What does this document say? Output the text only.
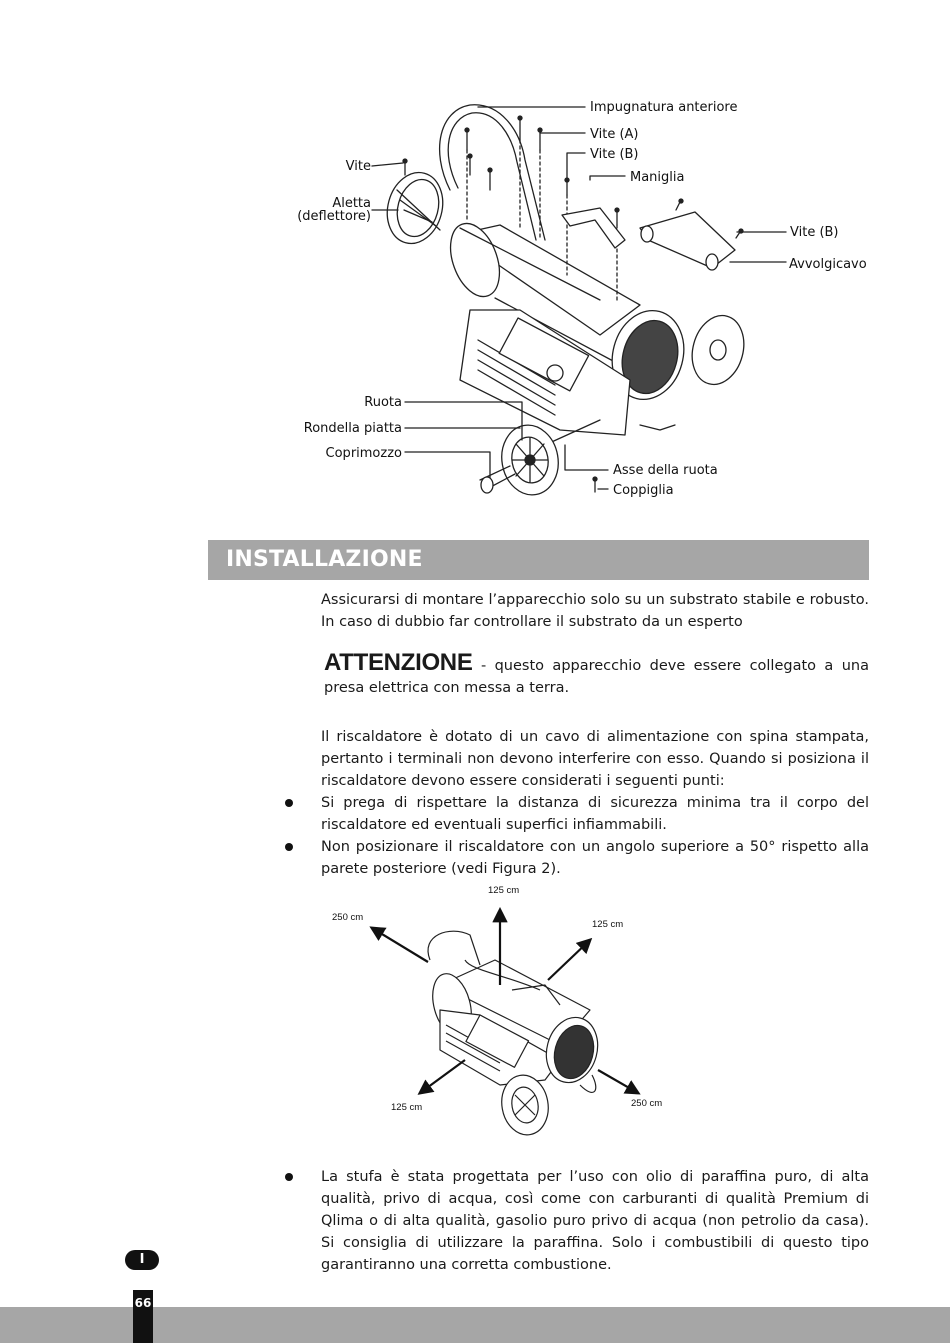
Impugnatura anteriore
Vite (A)
Vite (B)
Maniglia
Vite
Aletta
(deflettore)
Vite (B)
Avvolgicavo
Ruota
Rondella piatta
Coprimozzo
Asse della ruota
Coppiglia
INSTALLAZIONE
Assicurarsi di montare l’apparecchio solo su un substrato stabile e robusto. In caso di dubbio far controllare il substrato da un esperto
ATTENZIONE - questo apparecchio deve essere collegato a una presa elettrica con messa a terra.
Il riscaldatore è dotato di un cavo di alimentazione con spina stampata, pertanto i terminali non devono interferire con esso. Quando si posiziona il riscaldatore devono essere considerati i seguenti punti:
Si prega di rispettare la distanza di sicurezza minima tra il corpo del riscaldatore ed eventuali superfici infiammabili.
Non posizionare il riscaldatore con un angolo superiore a 50° rispetto alla parete posteriore (vedi Figura 2).
125 cm
250 cm
125 cm
125 cm	250 cm
La stufa è stata progettata per l’uso con olio di paraffina puro, di alta qualità, privo di acqua, così come con carburanti di qualità Premium di Qlima o di alta qualità, gasolio puro privo di acqua (non petrolio da casa). Si consiglia di utilizzare la paraffina. Solo i combustibili di questo tipo garantiranno una corretta combustione.
I
66
